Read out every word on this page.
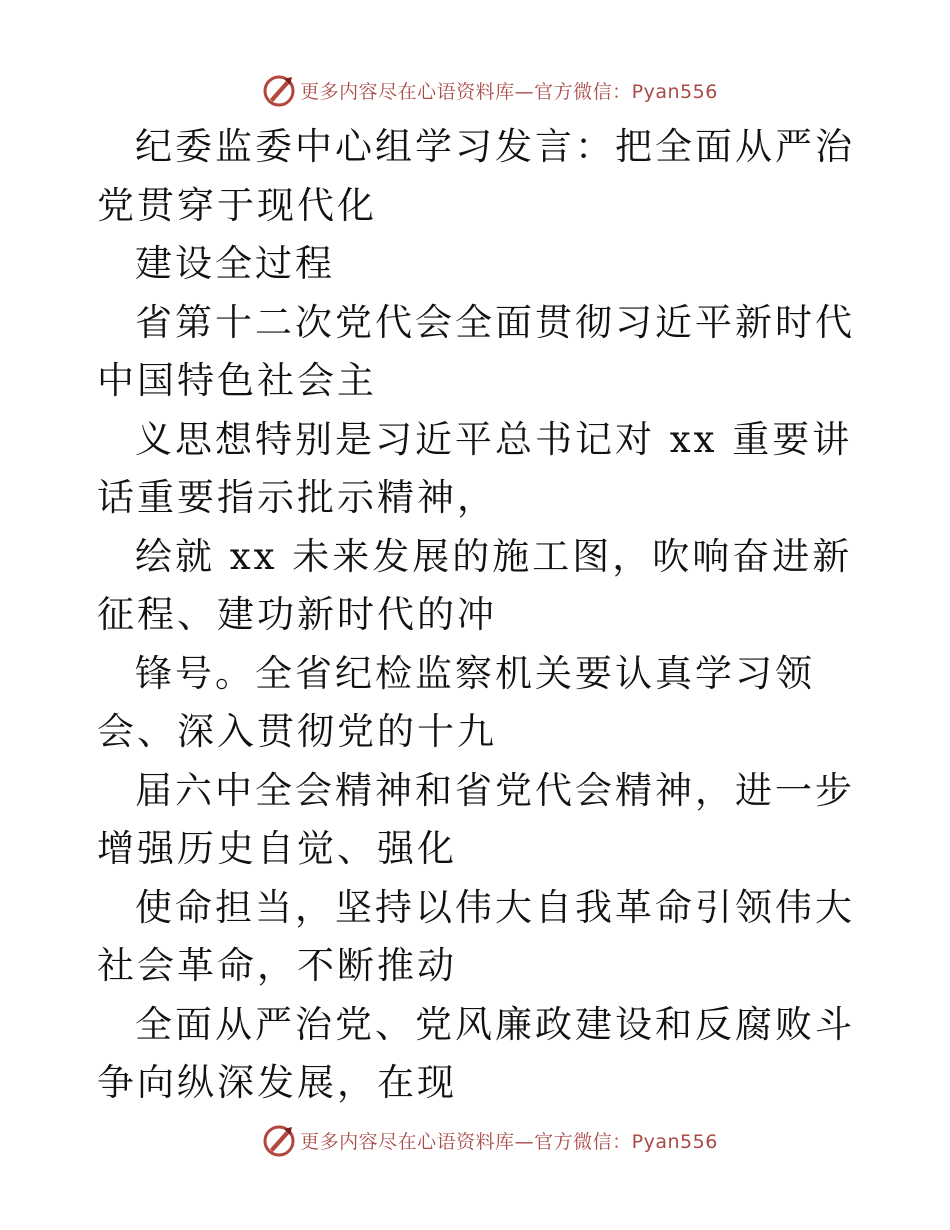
更多内容尽在心语资料库—官方微信：Pyan556

纪委监委中心组学习发言：把全面从严治党贯穿于现代化

建设全过程

省第十二次党代会全面贯彻习近平新时代中国特色社会主

义思想特别是习近平总书记对 xx 重要讲话重要指示批示精神，

绘就 xx 未来发展的施工图，吹响奋进新征程、建功新时代的冲

锋号。全省纪检监察机关要认真学习领会、深入贯彻党的十九

届六中全会精神和省党代会精神，进一步增强历史自觉、强化

使命担当，坚持以伟大自我革命引领伟大社会革命，不断推动

全面从严治党、党风廉政建设和反腐败斗争向纵深发展，在现

更多内容尽在心语资料库—官方微信：Pyan556
